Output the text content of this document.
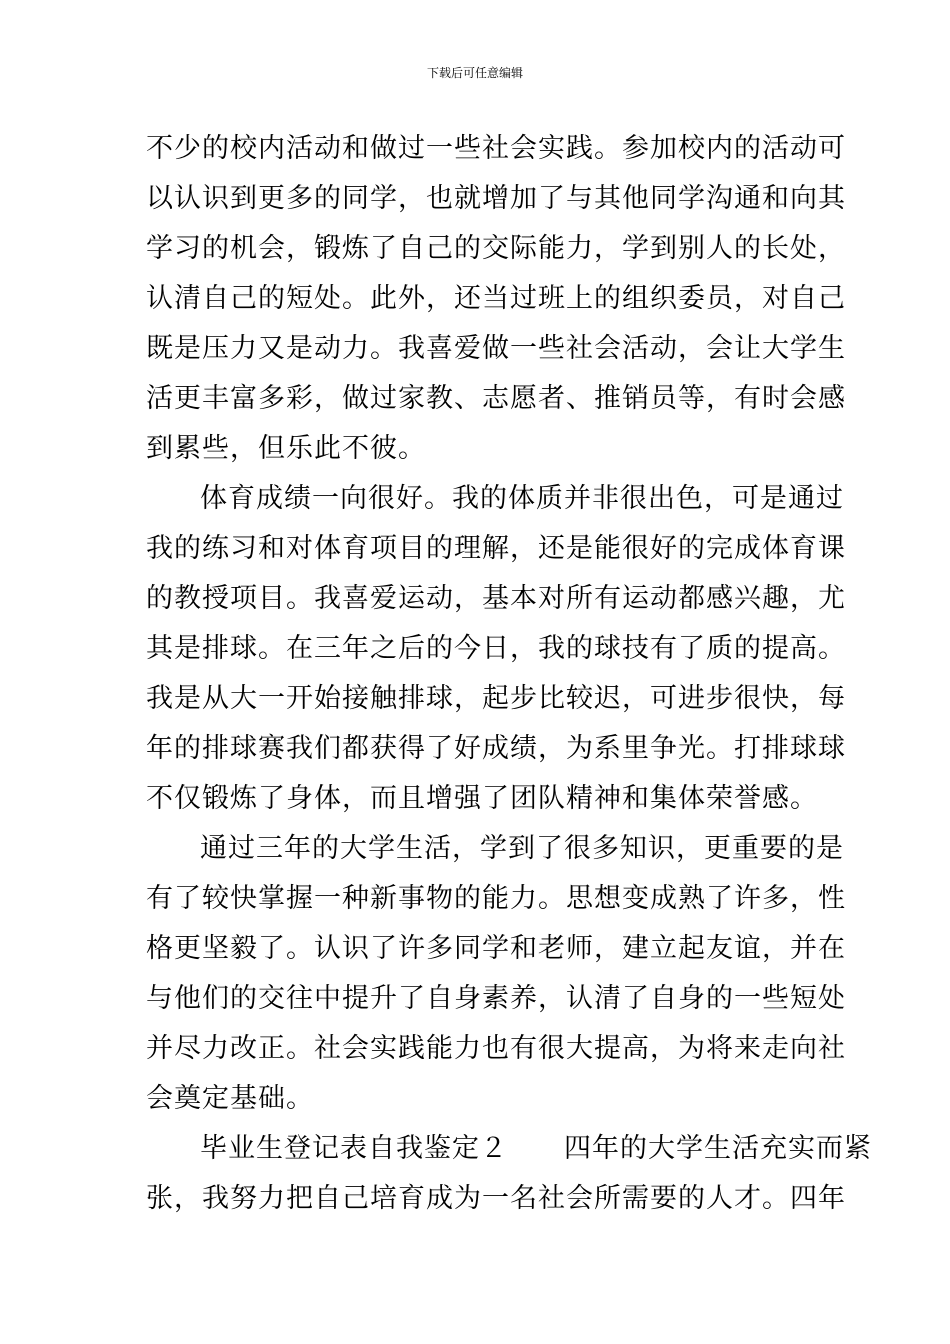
下载后可任意编辑
不少的校内活动和做过一些社会实践。参加校内的活动可
以认识到更多的同学，也就增加了与其他同学沟通和向其
学习的机会，锻炼了自己的交际能力，学到别人的长处，
认清自己的短处。此外，还当过班上的组织委员，对自己
既是压力又是动力。我喜爱做一些社会活动，会让大学生
活更丰富多彩，做过家教、志愿者、推销员等，有时会感
到累些，但乐此不彼。
体育成绩一向很好。我的体质并非很出色，可是通过
我的练习和对体育项目的理解，还是能很好的完成体育课
的教授项目。我喜爱运动，基本对所有运动都感兴趣，尤
其是排球。在三年之后的今日，我的球技有了质的提高。
我是从大一开始接触排球，起步比较迟，可进步很快，每
年的排球赛我们都获得了好成绩，为系里争光。打排球球
不仅锻炼了身体，而且增强了团队精神和集体荣誉感。
通过三年的大学生活，学到了很多知识，更重要的是
有了较快掌握一种新事物的能力。思想变成熟了许多，性
格更坚毅了。认识了许多同学和老师，建立起友谊，并在
与他们的交往中提升了自身素养，认清了自身的一些短处
并尽力改正。社会实践能力也有很大提高，为将来走向社
会奠定基础。
毕业生登记表自我鉴定２　　四年的大学生活充实而紧
张，我努力把自己培育成为一名社会所需要的人才。四年
